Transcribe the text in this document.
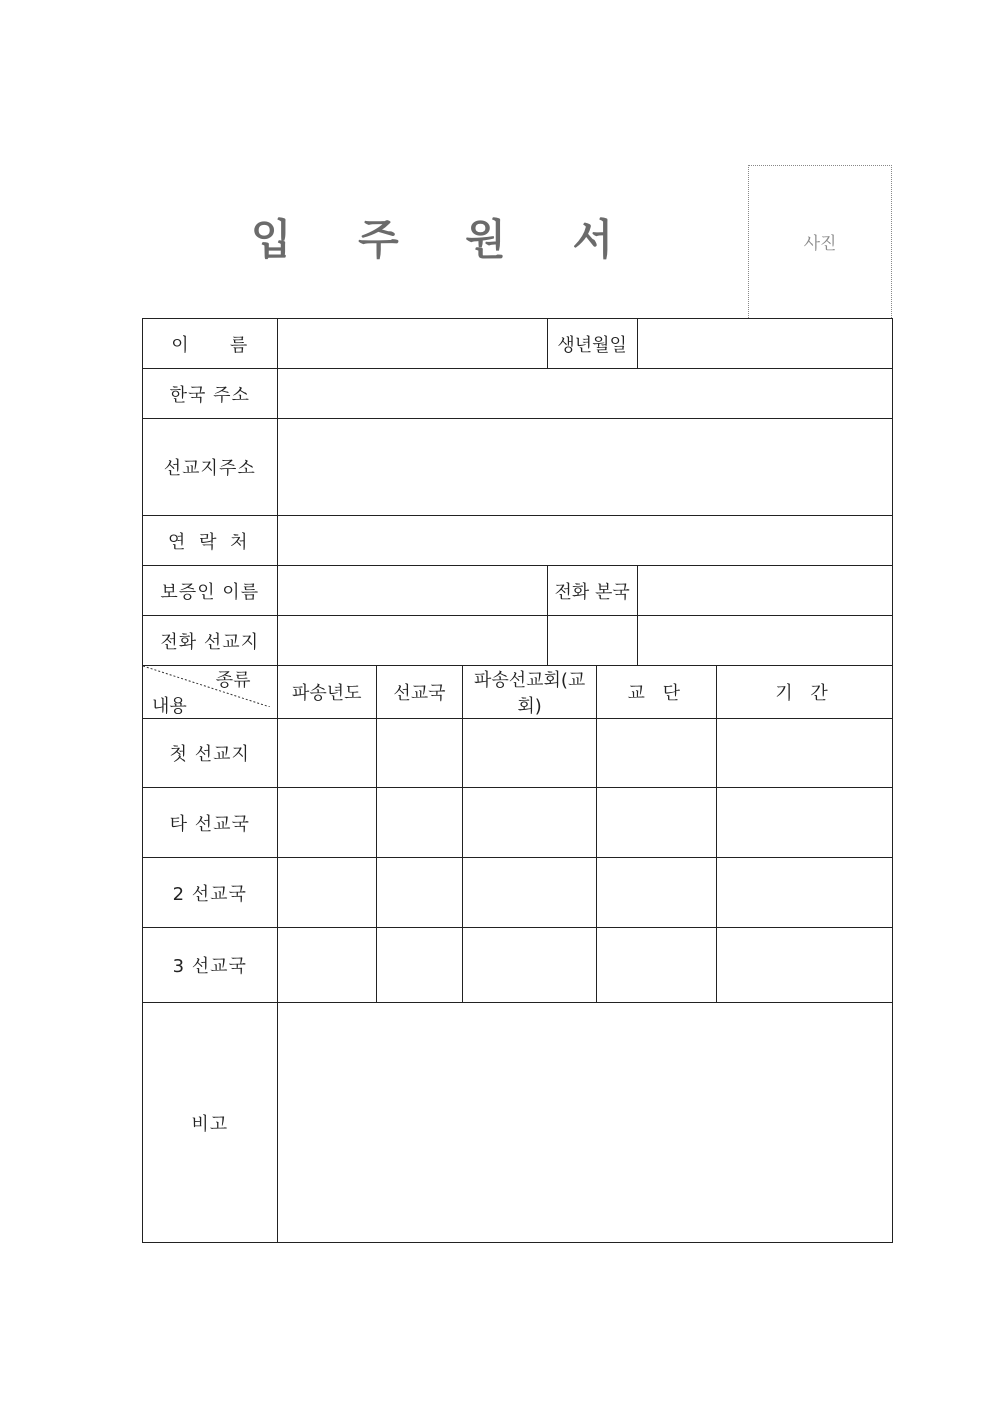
입 주 원 서	사진
이      름				생년월일			
한국 주소							
선교지주소							
연 락 처							
보증인 이름				전화 본국			
전화 선교지							

종류
내용	파송년도	선교국	파송선교회(교회)		교 단		기 간
첫 선교지							
타 선교국							
2 선교국							
3 선교국							
비고							
